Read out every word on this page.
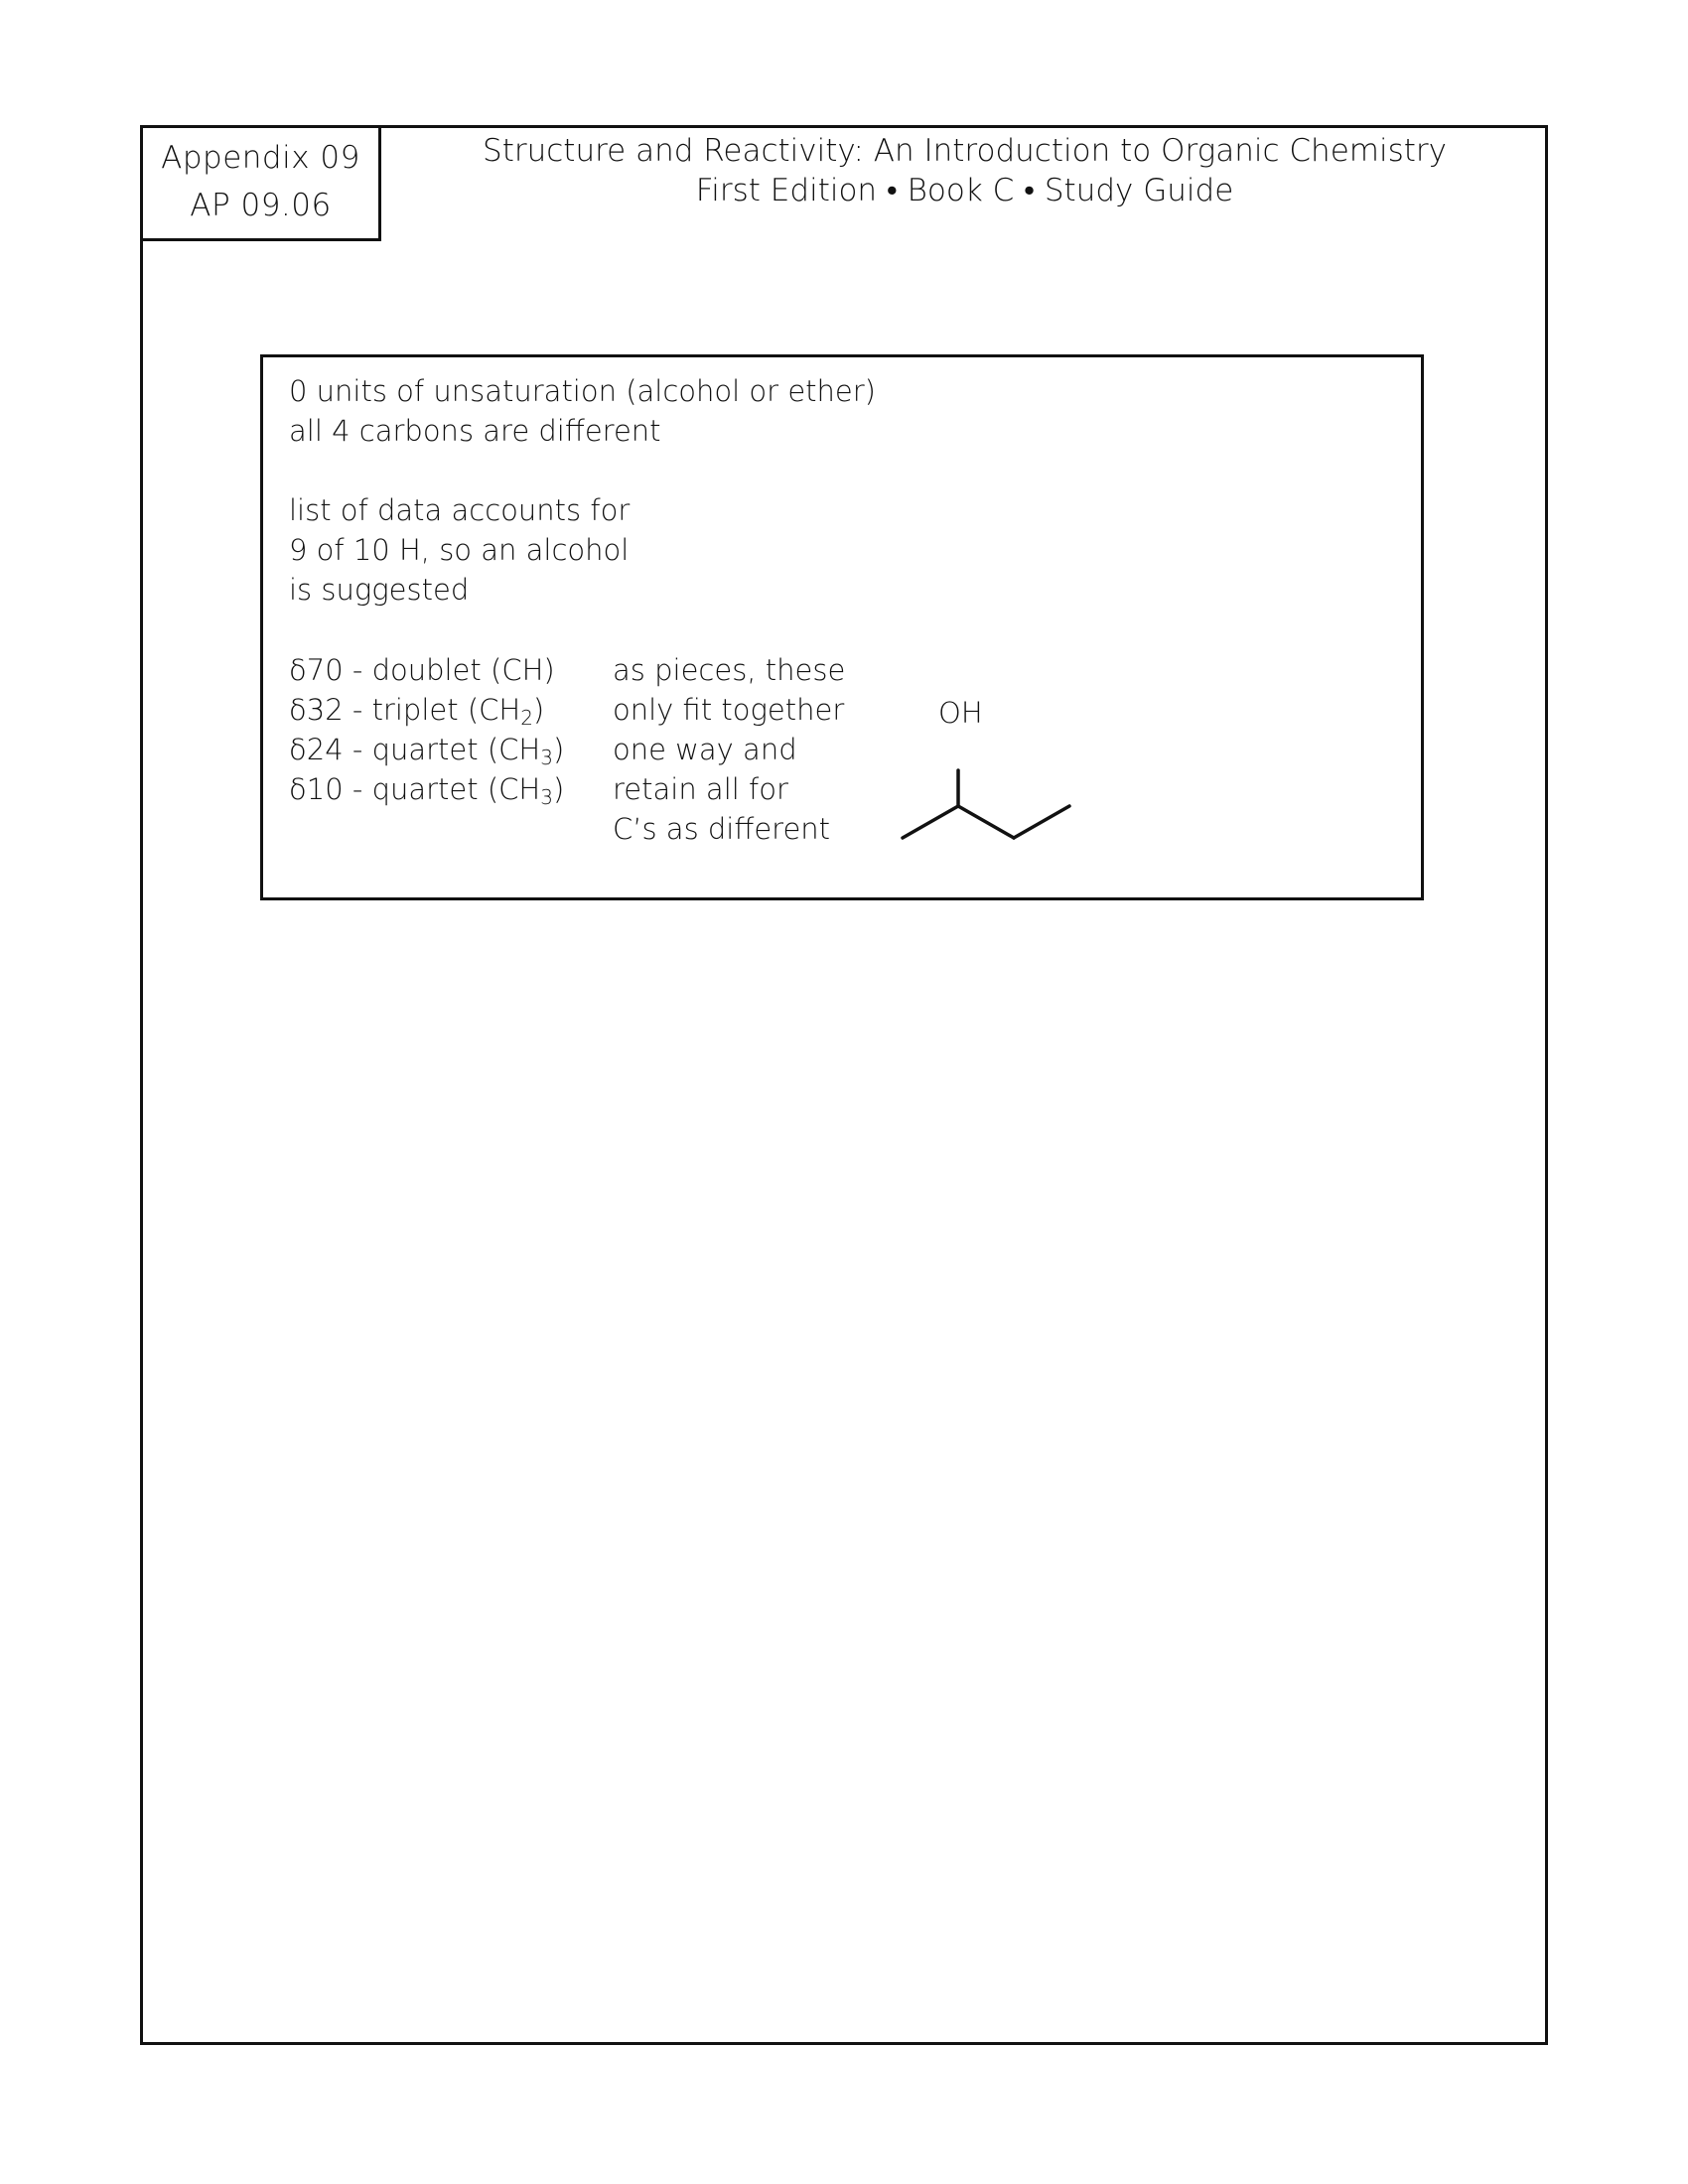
Appendix 09
AP 09.06
Structure and Reactivity: An Introduction to Organic Chemistry
First Edition • Book C • Study Guide
0 units of unsaturation (alcohol or ether)
all 4 carbons are different
list of data accounts for
9 of 10 H, so an alcohol
is suggested
δ70 - doublet (CH)
δ32 - triplet $(CH_2)$
δ24 - quartet $(CH_3)$
δ10 - quartet $(CH_3)$
as pieces, these
only fit together
one way and
retain all for
C’s as different
OH
